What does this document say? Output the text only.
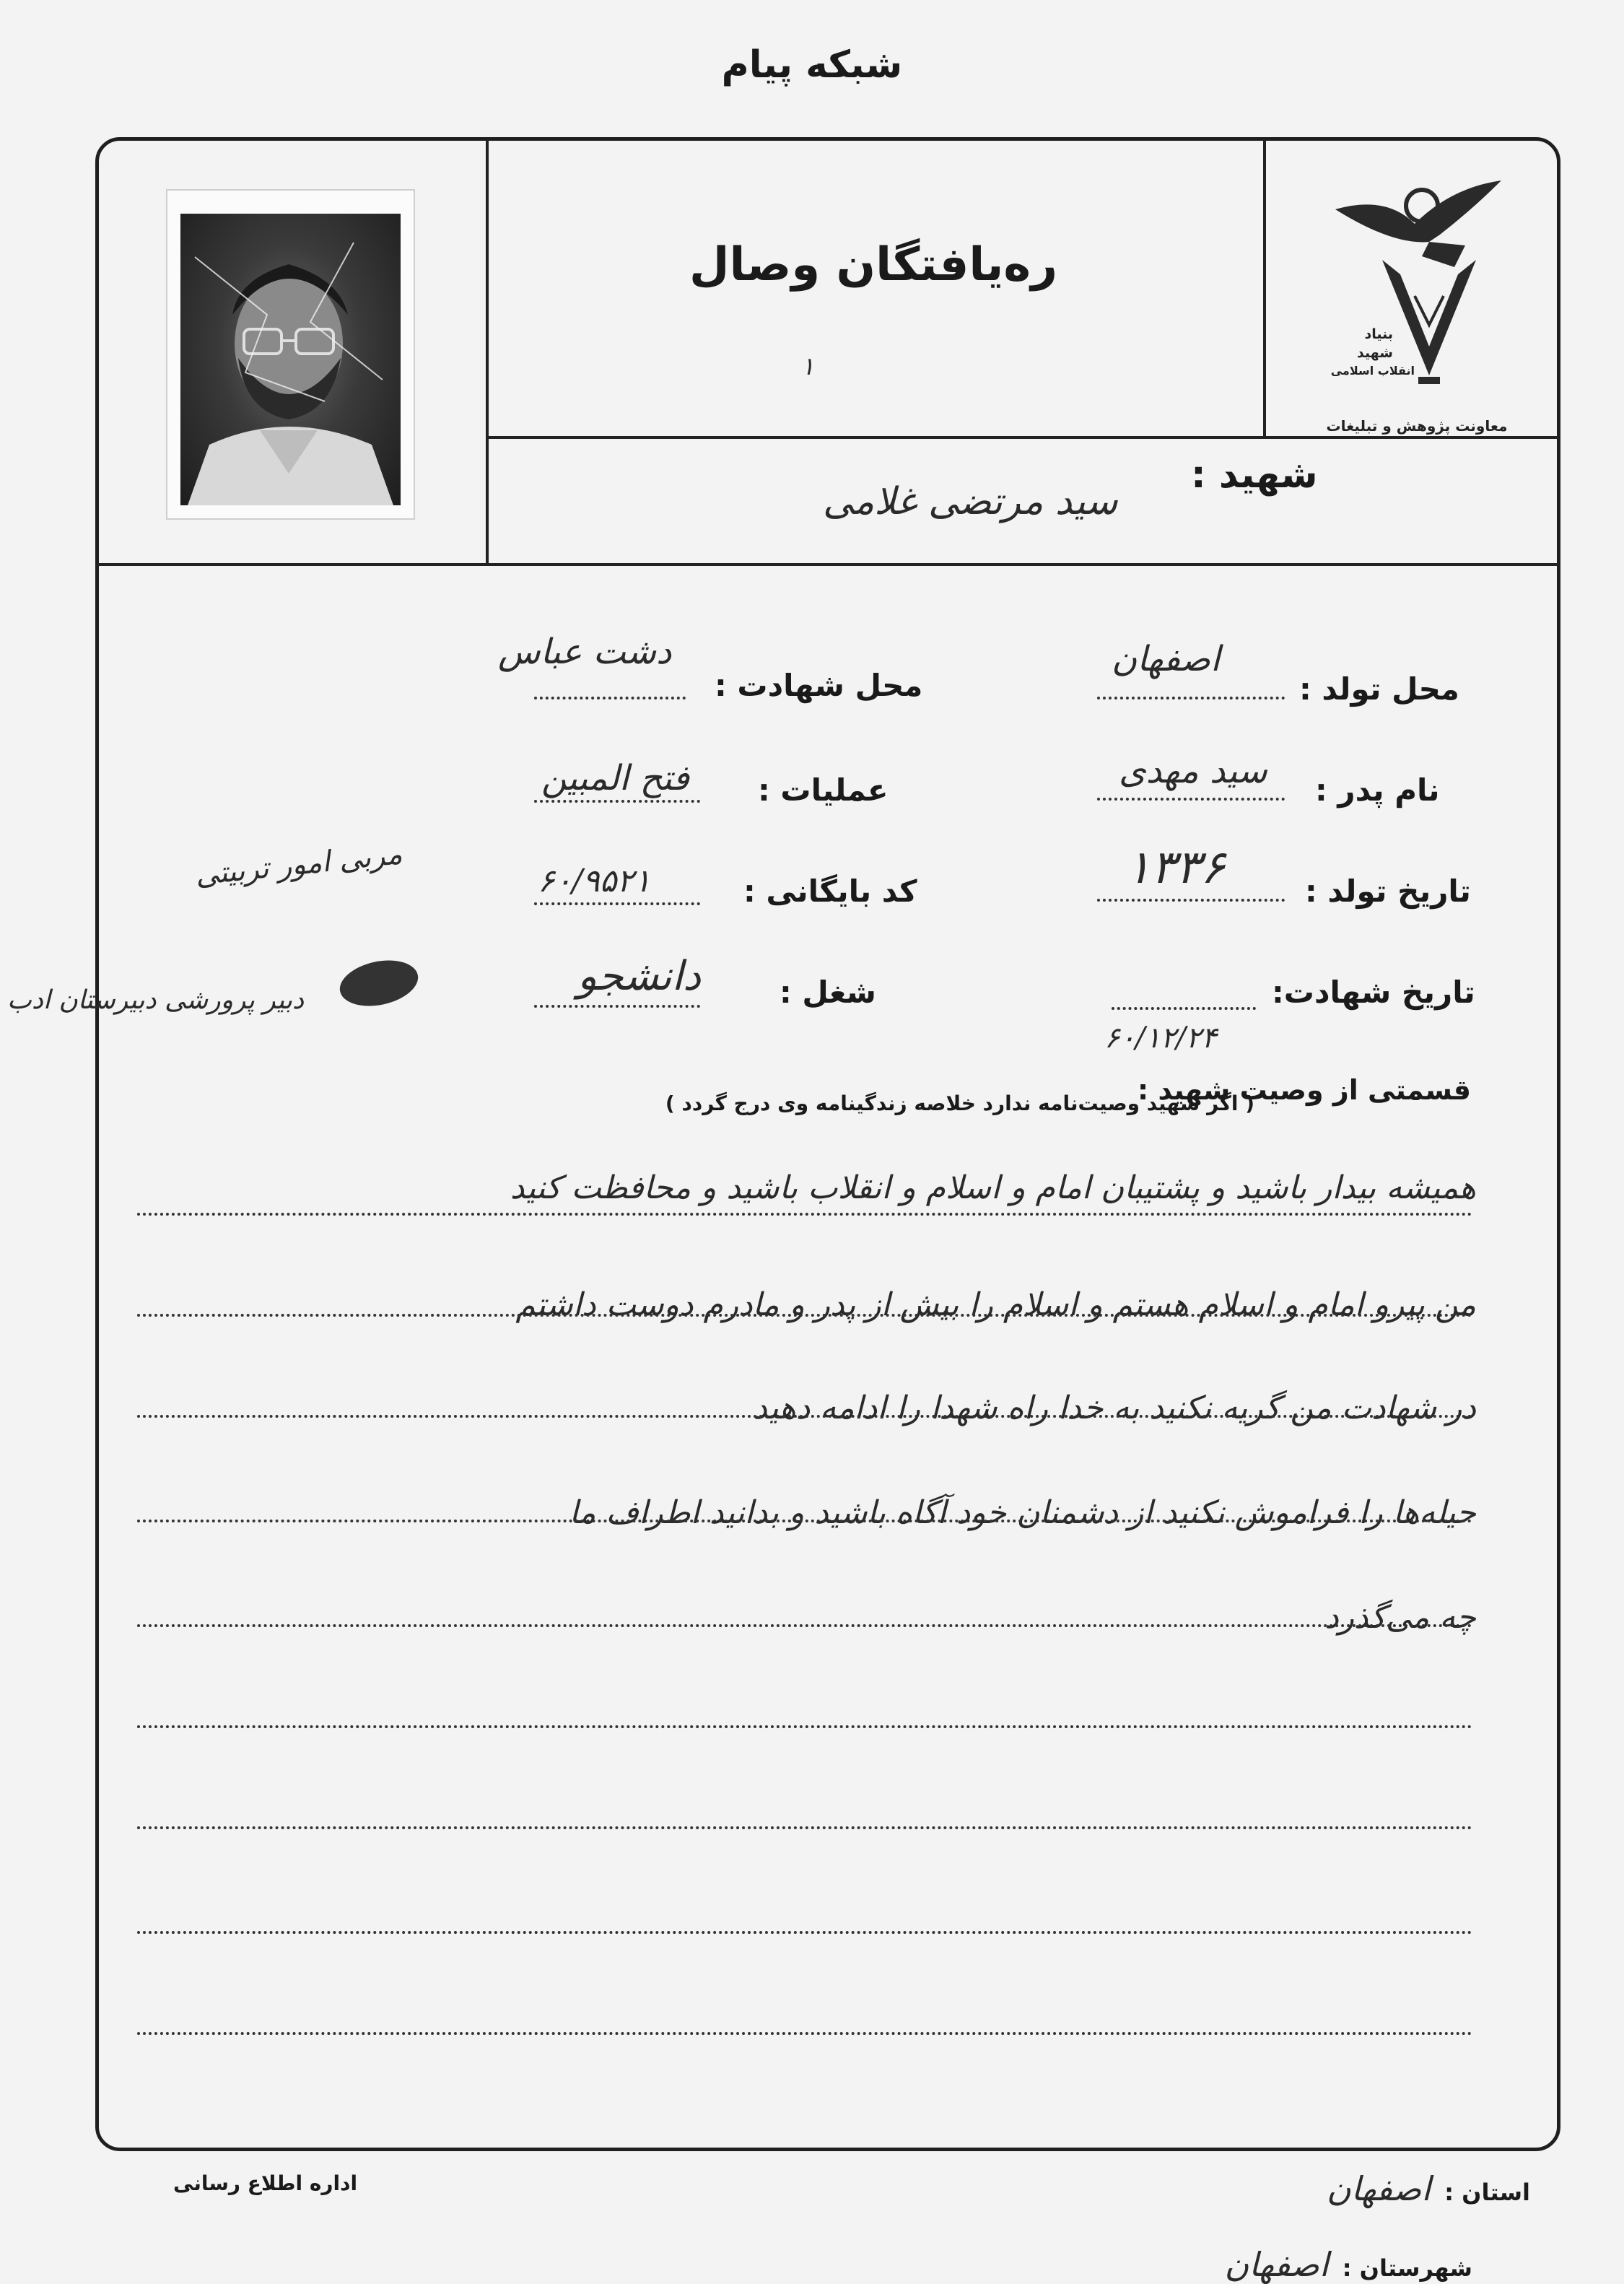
شبکه پیام
ره‌یافتگان وصال
۱
بنیاد
شهید
انقلاب اسلامی
معاونت پژوهش و تبلیغات
شهید :
سید مرتضی غلامی
محل تولد :
اصفهان
نام پدر :
سید مهدی
تاریخ تولد :
۱۳۳۶
تاریخ شهادت:
۶۰/۱۲/۲۴
محل شهادت :
دشت عباس
عملیات :
فتح المبین
کد بایگانی :
۶۰/۹۵۲۱
مربی امور تربیتی
شغل :
دانشجو
دبیر پرورشی دبیرستان ادب
قسمتی از وصیت شهید :
( اگر شهید وصیت‌نامه ندارد خلاصه زندگینامه وی درج گردد )
همیشه بیدار باشید و پشتیبان امام و اسلام و انقلاب باشید و محافظت کنید
من پیرو امام و اسلام هستم و اسلام را بیش از پدر و مادرم دوست داشتم
در شهادت من گریه نکنید به خدا راه شهدا را ادامه دهید
حیله‌ها را فراموش نکنید از دشمنان خود آگاه باشید و بدانید اطراف ما
چه می‌گذرد
استان : اصفهان
شهرستان : اصفهان
اداره اطلاع رسانی
